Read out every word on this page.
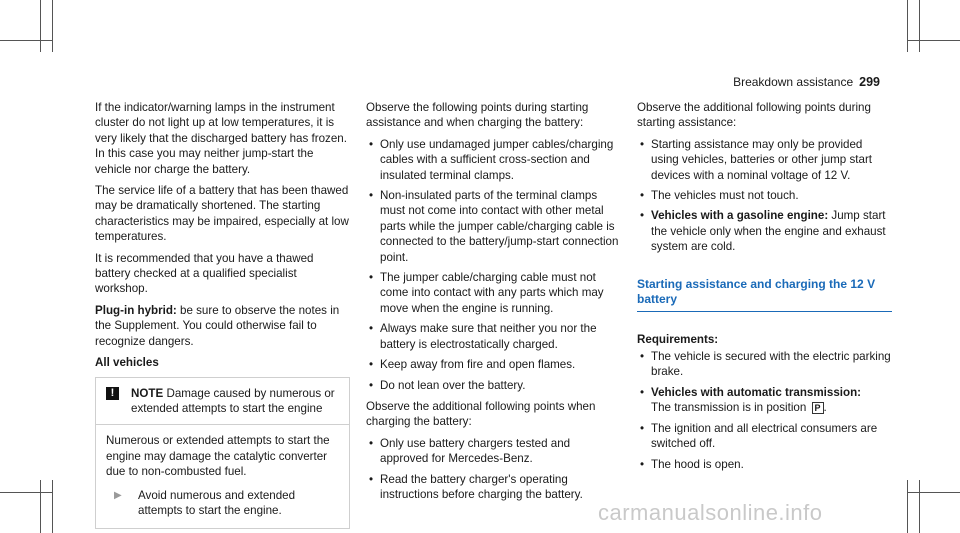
Breakdown assistance 299

If the indicator/warning lamps in the instrument cluster do not light up at low temperatures, it is very likely that the discharged battery has frozen. In this case you may neither jump-start the vehicle nor charge the battery.

The service life of a battery that has been thawed may be dramatically shortened. The starting characteristics may be impaired, especially at low temperatures.

It is recommended that you have a thawed battery checked at a qualified specialist workshop.

Plug-in hybrid: be sure to observe the notes in the Supplement. You could otherwise fail to recognize dangers.

All vehicles

!	NOTE Damage caused by numerous or extended attempts to start the engine
Numerous or extended attempts to start the engine may damage the catalytic converter due to non-combusted fuel.
▶	Avoid numerous and extended attempts to start the engine.

Observe the following points during starting assistance and when charging the battery:

• Only use undamaged jumper cables/charging cables with a sufficient cross-section and insulated terminal clamps.
• Non-insulated parts of the terminal clamps must not come into contact with other metal parts while the jumper cable/charging cable is connected to the battery/jump-start connection point.
• The jumper cable/charging cable must not come into contact with any parts which may move when the engine is running.
• Always make sure that neither you nor the battery is electrostatically charged.
• Keep away from fire and open flames.
• Do not lean over the battery.

Observe the additional following points when charging the battery:

• Only use battery chargers tested and approved for Mercedes-Benz.
• Read the battery charger's operating instructions before charging the battery.

Observe the additional following points during starting assistance:

• Starting assistance may only be provided using vehicles, batteries or other jump start devices with a nominal voltage of 12 V.
• The vehicles must not touch.
• Vehicles with a gasoline engine: Jump start the vehicle only when the engine and exhaust system are cold.
Starting assistance and charging the 12 V battery
Requirements:
• The vehicle is secured with the electric parking brake.
• Vehicles with automatic transmission:
The transmission is in position P .
• The ignition and all electrical consumers are switched off.
• The hood is open.
carmanualsonline.info
